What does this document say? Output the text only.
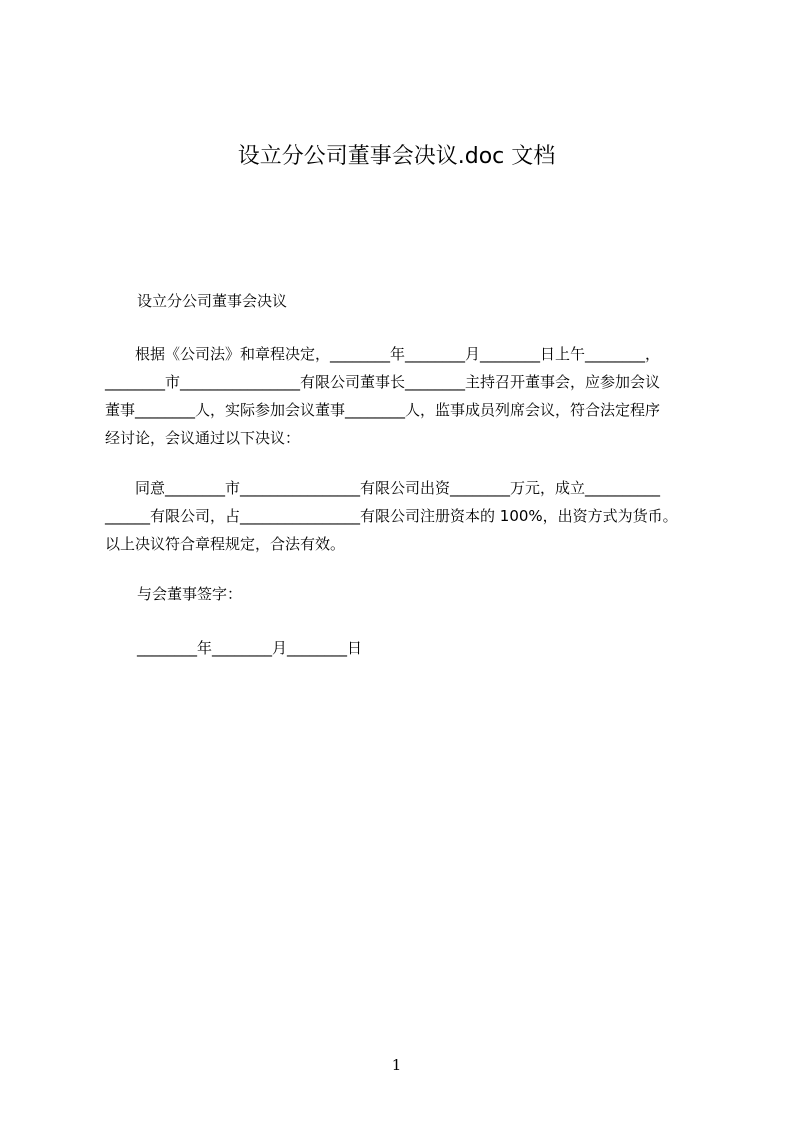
设立分公司董事会决议.doc 文档
设立分公司董事会决议
根据《公司法》和章程决定，________年________月________日上午________，
________市________________有限公司董事长________主持召开董事会，应参加会议
董事________人，实际参加会议董事________人，监事成员列席会议，符合法定程序
经讨论，会议通过以下决议：
同意________市________________有限公司出资________万元，成立__________
______有限公司，占________________有限公司注册资本的 100%，出资方式为货币。
以上决议符合章程规定，合法有效。
与会董事签字：
________年________月________日
1
